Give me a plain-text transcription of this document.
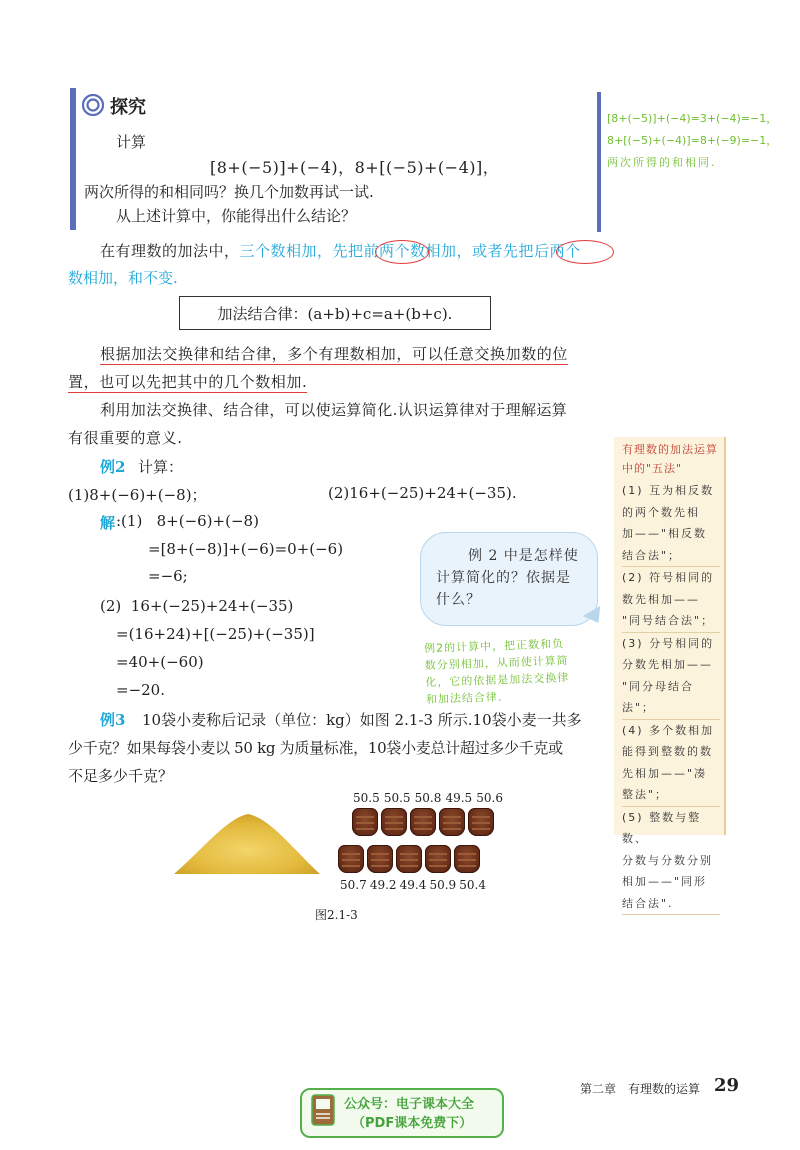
探究
计算
[8+(−5)]+(−4)，8+[(−5)+(−4)]，
两次所得的和相同吗？换几个加数再试一试.
从上述计算中，你能得出什么结论？
[8+(−5)]+(−4)=3+(−4)=−1，
8+[(−5)+(−4)]=8+(−9)=−1，
两次所得的和相同.
在有理数的加法中，三个数相加，先把前两个数相加，或者先把后两个
数相加，和不变.
加法结合律：(a+b)+c=a+(b+c).
根据加法交换律和结合律，多个有理数相加，可以任意交换加数的位
置，也可以先把其中的几个数相加.
利用加法交换律、结合律，可以使运算简化.认识运算律对于理解运算
有很重要的意义.
例2 计算：
(1)8+(−6)+(−8)；	(2)16+(−25)+24+(−35).
解 :(1)   8+(−6)+(−8)
=[8+(−8)]+(−6)=0+(−6)
=−6;
(2)  16+(−25)+24+(−35)
=(16+24)+[(−25)+(−35)]
=40+(−60)
=−20.
例 2 中是怎样使
计算简化的？依据是
什么？
例2的计算中，把正数和负
数分别相加，从而使计算简
化，它的依据是加法交换律
和加法结合律.
有理数的加法运算
中的"五法"
(1) 互为相反数
的两个数先相
加——"相反数
结合法"；
(2) 符号相同的
数先相加——
"同号结合法"；
(3) 分号相同的
分数先相加——
"同分母结合
法"；
(4) 多个数相加
能得到整数的数
先相加——"凑
整法"；
(5) 整数与整数、
分数与分数分别
相加——"同形
结合法".
例3 10袋小麦称后记录（单位：kg）如图 2.1-3 所示.10袋小麦一共多
少千克？如果每袋小麦以 50 kg 为质量标准，10袋小麦总计超过多少千克或
不足多少千克？
50.5 50.5 50.8 49.5 50.6
50.7 49.2 49.4 50.9 50.4
图2.1-3
第二章　有理数的运算 29
公众号：电子课本大全
（PDF课本免费下）
